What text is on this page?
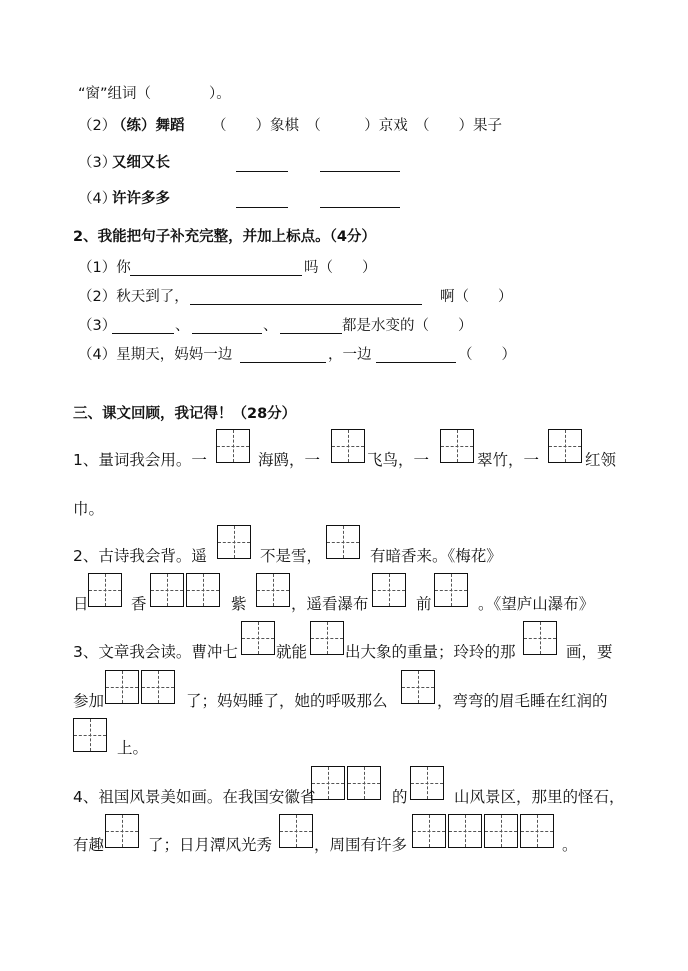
“窗”组词（　　　　）。
（2）
（练）舞蹈 （　　）象棋　（　　　）京戏　（　　）果子
（3）
又细又长
（4）
许许多多
2、我能把句子补充完整，并加上标点。（4分）
（1）你	吗（　　）
（2）秋天到了，	啊（　　）
（3）	、	、	都是水变的（　　）
（4）星期天，妈妈一边	，一边	（　　）
三、课文回顾，我记得！（28分）
1、量词我会用。一	海鸥，一	飞鸟，一	翠竹，一	红领
巾。
2、古诗我会背。遥	不是雪，	有暗香来。《梅花》
日	香	紫	，遥看瀑布	前	。《望庐山瀑布》
3、文章我会读。曹冲七 就能 出大象的重量；玲玲的那	画，要
参加	了；妈妈睡了，她的呼吸那么	，弯弯的眉毛睡在红润的
上。
4、祖国风景美如画。在我国安徽省	的	山风景区，那里的怪石，
有趣	了；日月潭风光秀	，周围有许多	。
